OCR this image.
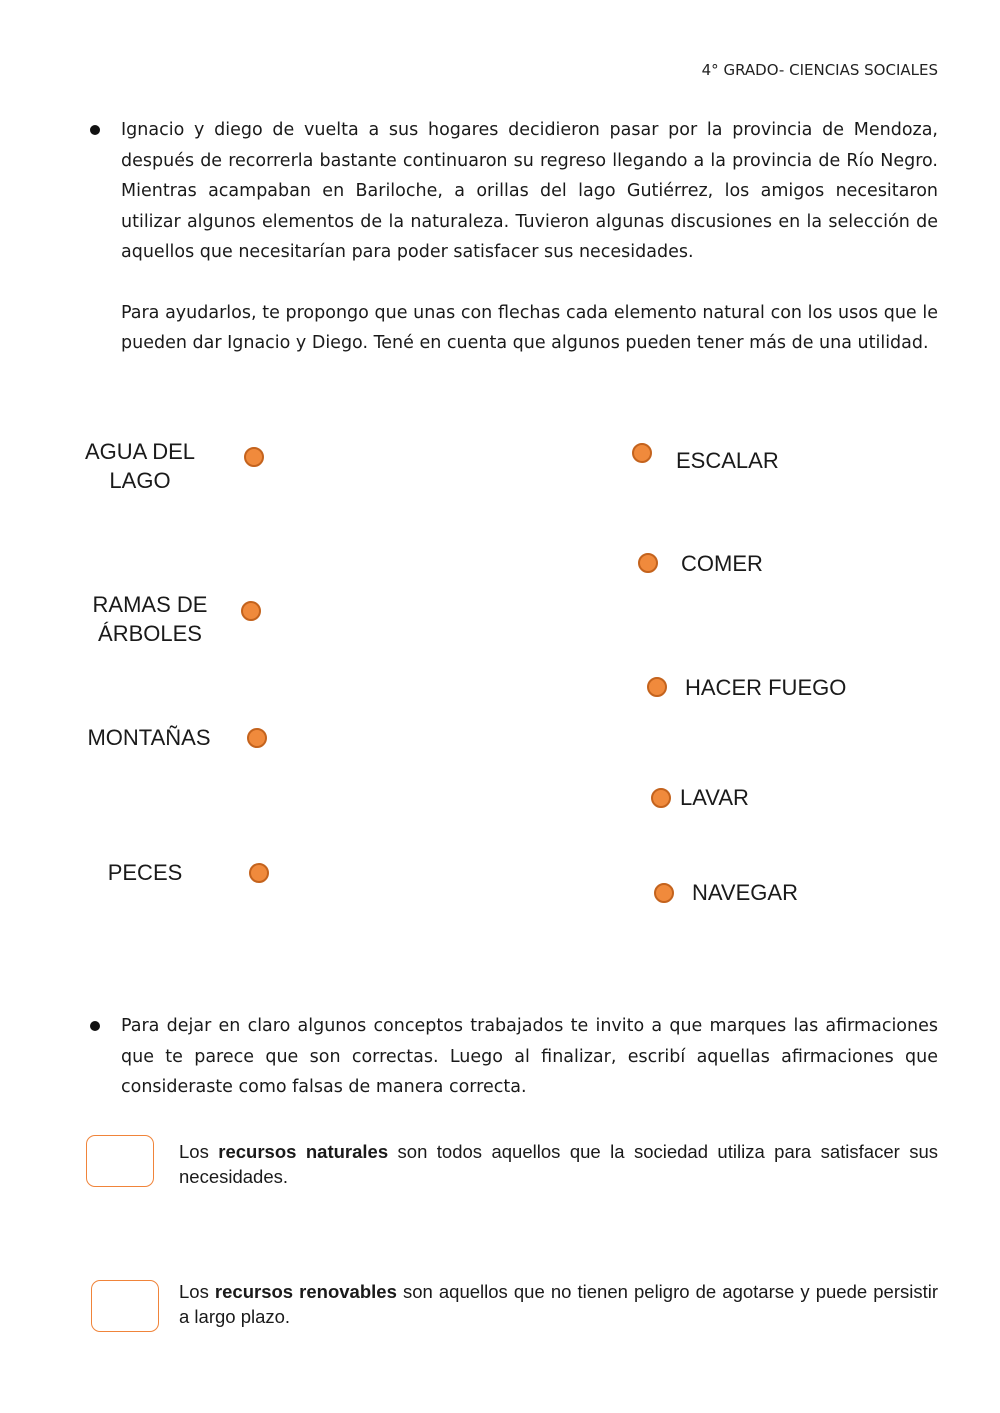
4° GRADO- CIENCIAS SOCIALES

Ignacio y diego de vuelta a sus hogares decidieron pasar por la provincia de Mendoza, después de recorrerla bastante continuaron su regreso llegando a la provincia de Río Negro. Mientras acampaban en Bariloche, a orillas del lago Gutiérrez, los amigos necesitaron utilizar algunos elementos de la naturaleza. Tuvieron algunas discusiones en la selección de aquellos que necesitarían para poder satisfacer sus necesidades.

Para ayudarlos, te propongo que unas con flechas cada elemento natural con los usos que le pueden dar Ignacio y Diego. Tené en cuenta que algunos pueden tener más de una utilidad.

AGUA DEL
LAGO
RAMAS DE
ÁRBOLES
MONTAÑAS
PECES
ESCALAR
COMER
HACER FUEGO
LAVAR
NAVEGAR

Para dejar en claro algunos conceptos trabajados te invito a que marques las afirmaciones que te parece que son correctas. Luego al finalizar, escribí aquellas afirmaciones que consideraste como falsas de manera correcta.

Los recursos naturales son todos aquellos que la sociedad utiliza para satisfacer sus necesidades.
Los recursos renovables son aquellos que no tienen peligro de agotarse y puede persistir a largo plazo.
